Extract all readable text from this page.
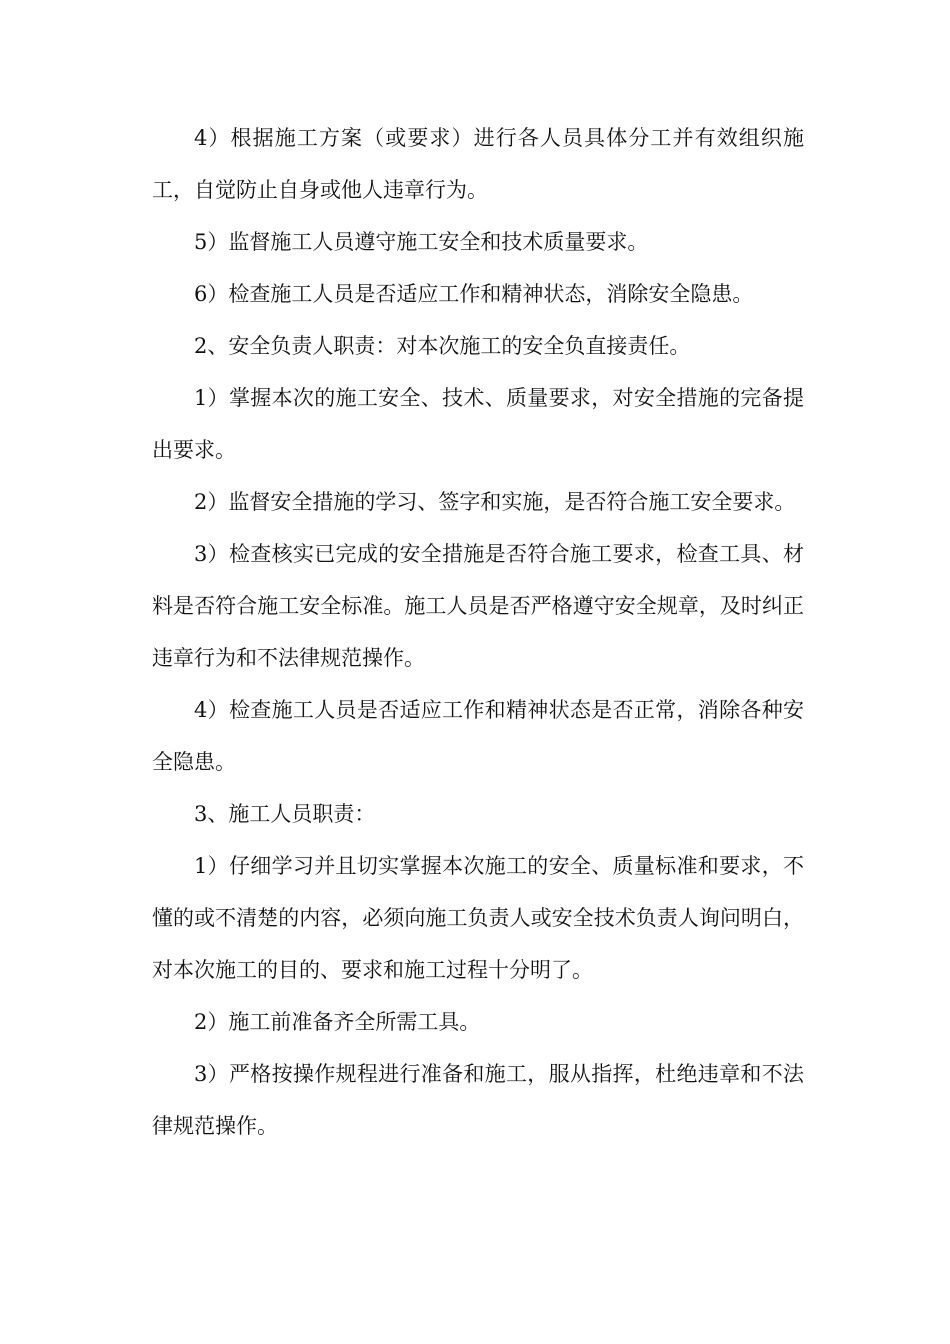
4）根据施工方案（或要求）进行各人员具体分工并有效组织施工，自觉防止自身或他人违章行为。

5）监督施工人员遵守施工安全和技术质量要求。

6）检查施工人员是否适应工作和精神状态，消除安全隐患。

2、安全负责人职责：对本次施工的安全负直接责任。

1）掌握本次的施工安全、技术、质量要求，对安全措施的完备提出要求。

2）监督安全措施的学习、签字和实施，是否符合施工安全要求。

3）检查核实已完成的安全措施是否符合施工要求，检查工具、材料是否符合施工安全标准。施工人员是否严格遵守安全规章，及时纠正违章行为和不法律规范操作。

4）检查施工人员是否适应工作和精神状态是否正常，消除各种安全隐患。

3、施工人员职责：

1）仔细学习并且切实掌握本次施工的安全、质量标准和要求，不懂的或不清楚的内容，必须向施工负责人或安全技术负责人询问明白，对本次施工的目的、要求和施工过程十分明了。

2）施工前准备齐全所需工具。

3）严格按操作规程进行准备和施工，服从指挥，杜绝违章和不法律规范操作。
